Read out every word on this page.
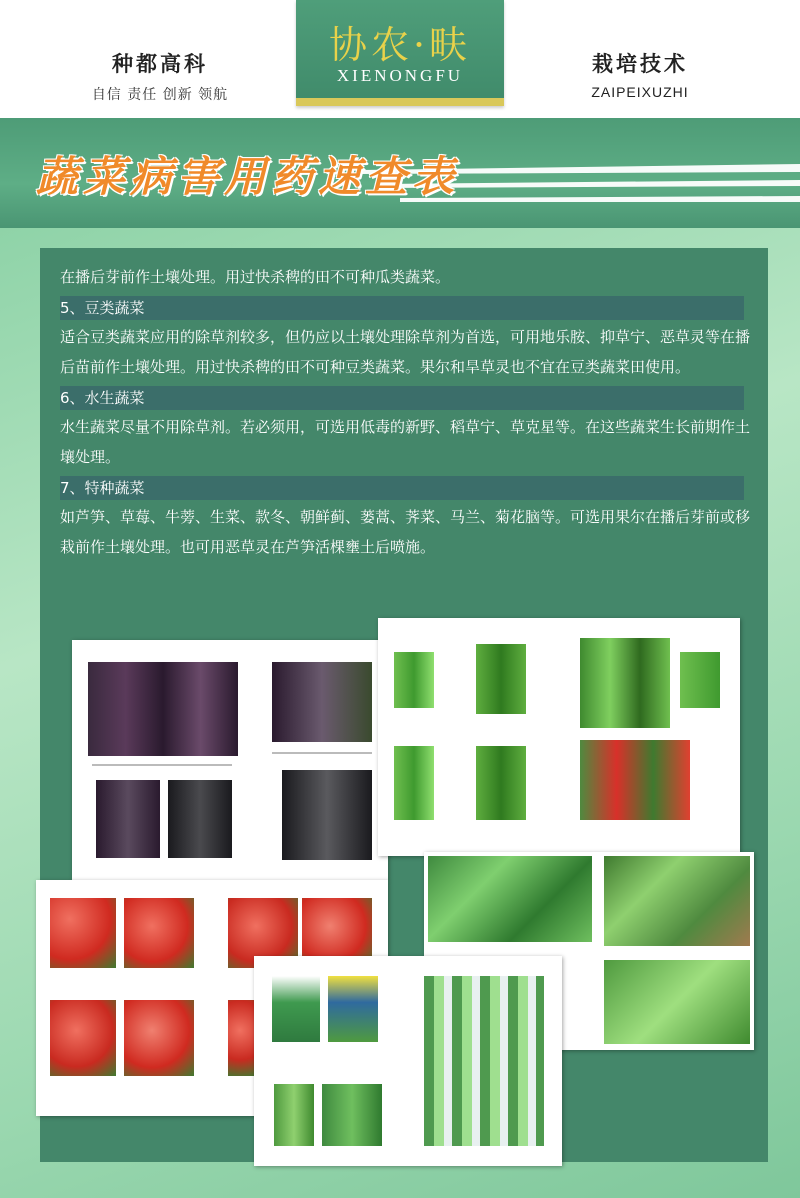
种都高科
自信 责任 创新 领航
协农·畉
XIENONGFU	栽培技术
ZAIPEIXUZHI
蔬菜病害用药速查表

在播后芽前作土壤处理。用过快杀稗的田不可种瓜类蔬菜。

5、豆类蔬菜

适合豆类蔬菜应用的除草剂较多，但仍应以土壤处理除草剂为首选，可用地乐胺、抑草宁、恶草灵等在播后苗前作土壤处理。用过快杀稗的田不可种豆类蔬菜。果尔和旱草灵也不宜在豆类蔬菜田使用。

6、水生蔬菜

水生蔬菜尽量不用除草剂。若必须用，可选用低毒的新野、稻草宁、草克星等。在这些蔬菜生长前期作土壤处理。

7、特种蔬菜

如芦笋、草莓、牛蒡、生菜、款冬、朝鲜蓟、蒌蒿、荠菜、马兰、菊花脑等。可选用果尔在播后芽前或移栽前作土壤处理。也可用恶草灵在芦笋活棵壅土后喷施。
